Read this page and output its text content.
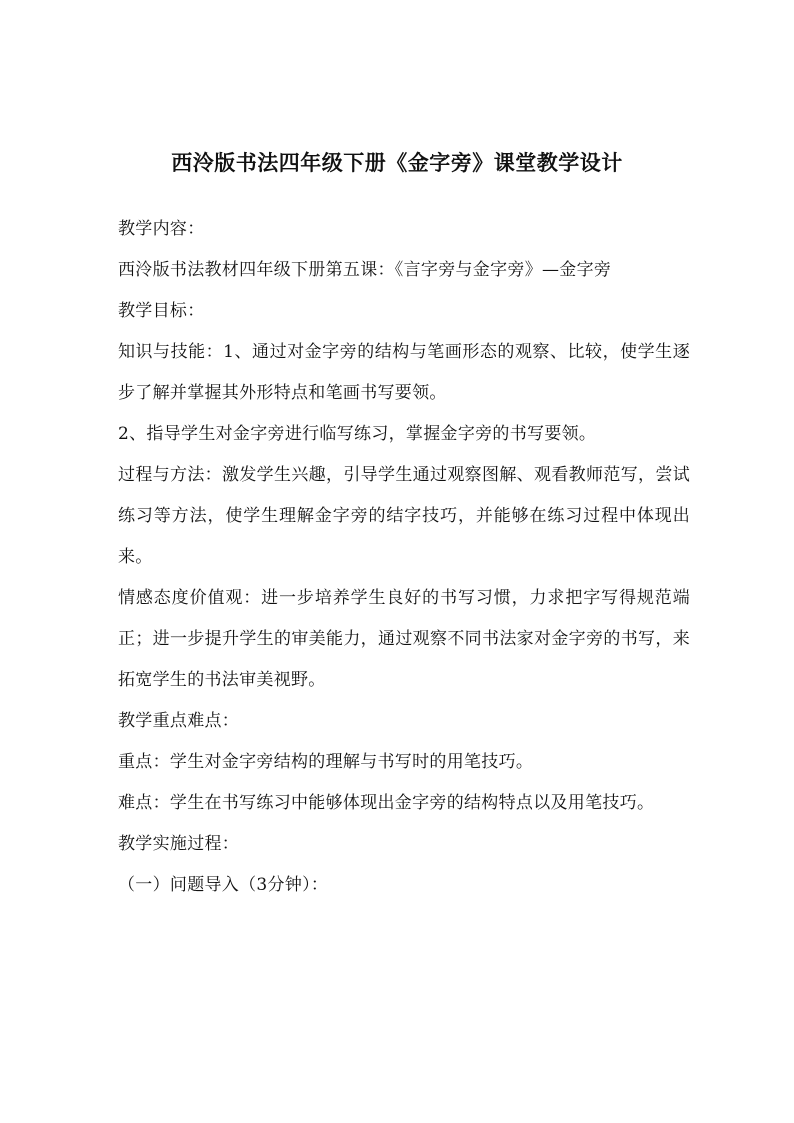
西泠版书法四年级下册《金字旁》课堂教学设计

教学内容：

西泠版书法教材四年级下册第五课：《言字旁与金字旁》—金字旁

教学目标：

知识与技能：1、通过对金字旁的结构与笔画形态的观察、比较，使学生逐步了解并掌握其外形特点和笔画书写要领。

2、指导学生对金字旁进行临写练习，掌握金字旁的书写要领。

过程与方法：激发学生兴趣，引导学生通过观察图解、观看教师范写，尝试练习等方法，使学生理解金字旁的结字技巧，并能够在练习过程中体现出来。

情感态度价值观：进一步培养学生良好的书写习惯，力求把字写得规范端正；进一步提升学生的审美能力，通过观察不同书法家对金字旁的书写，来拓宽学生的书法审美视野。

教学重点难点：

重点：学生对金字旁结构的理解与书写时的用笔技巧。

难点：学生在书写练习中能够体现出金字旁的结构特点以及用笔技巧。

教学实施过程：

（一）问题导入（3分钟）：
